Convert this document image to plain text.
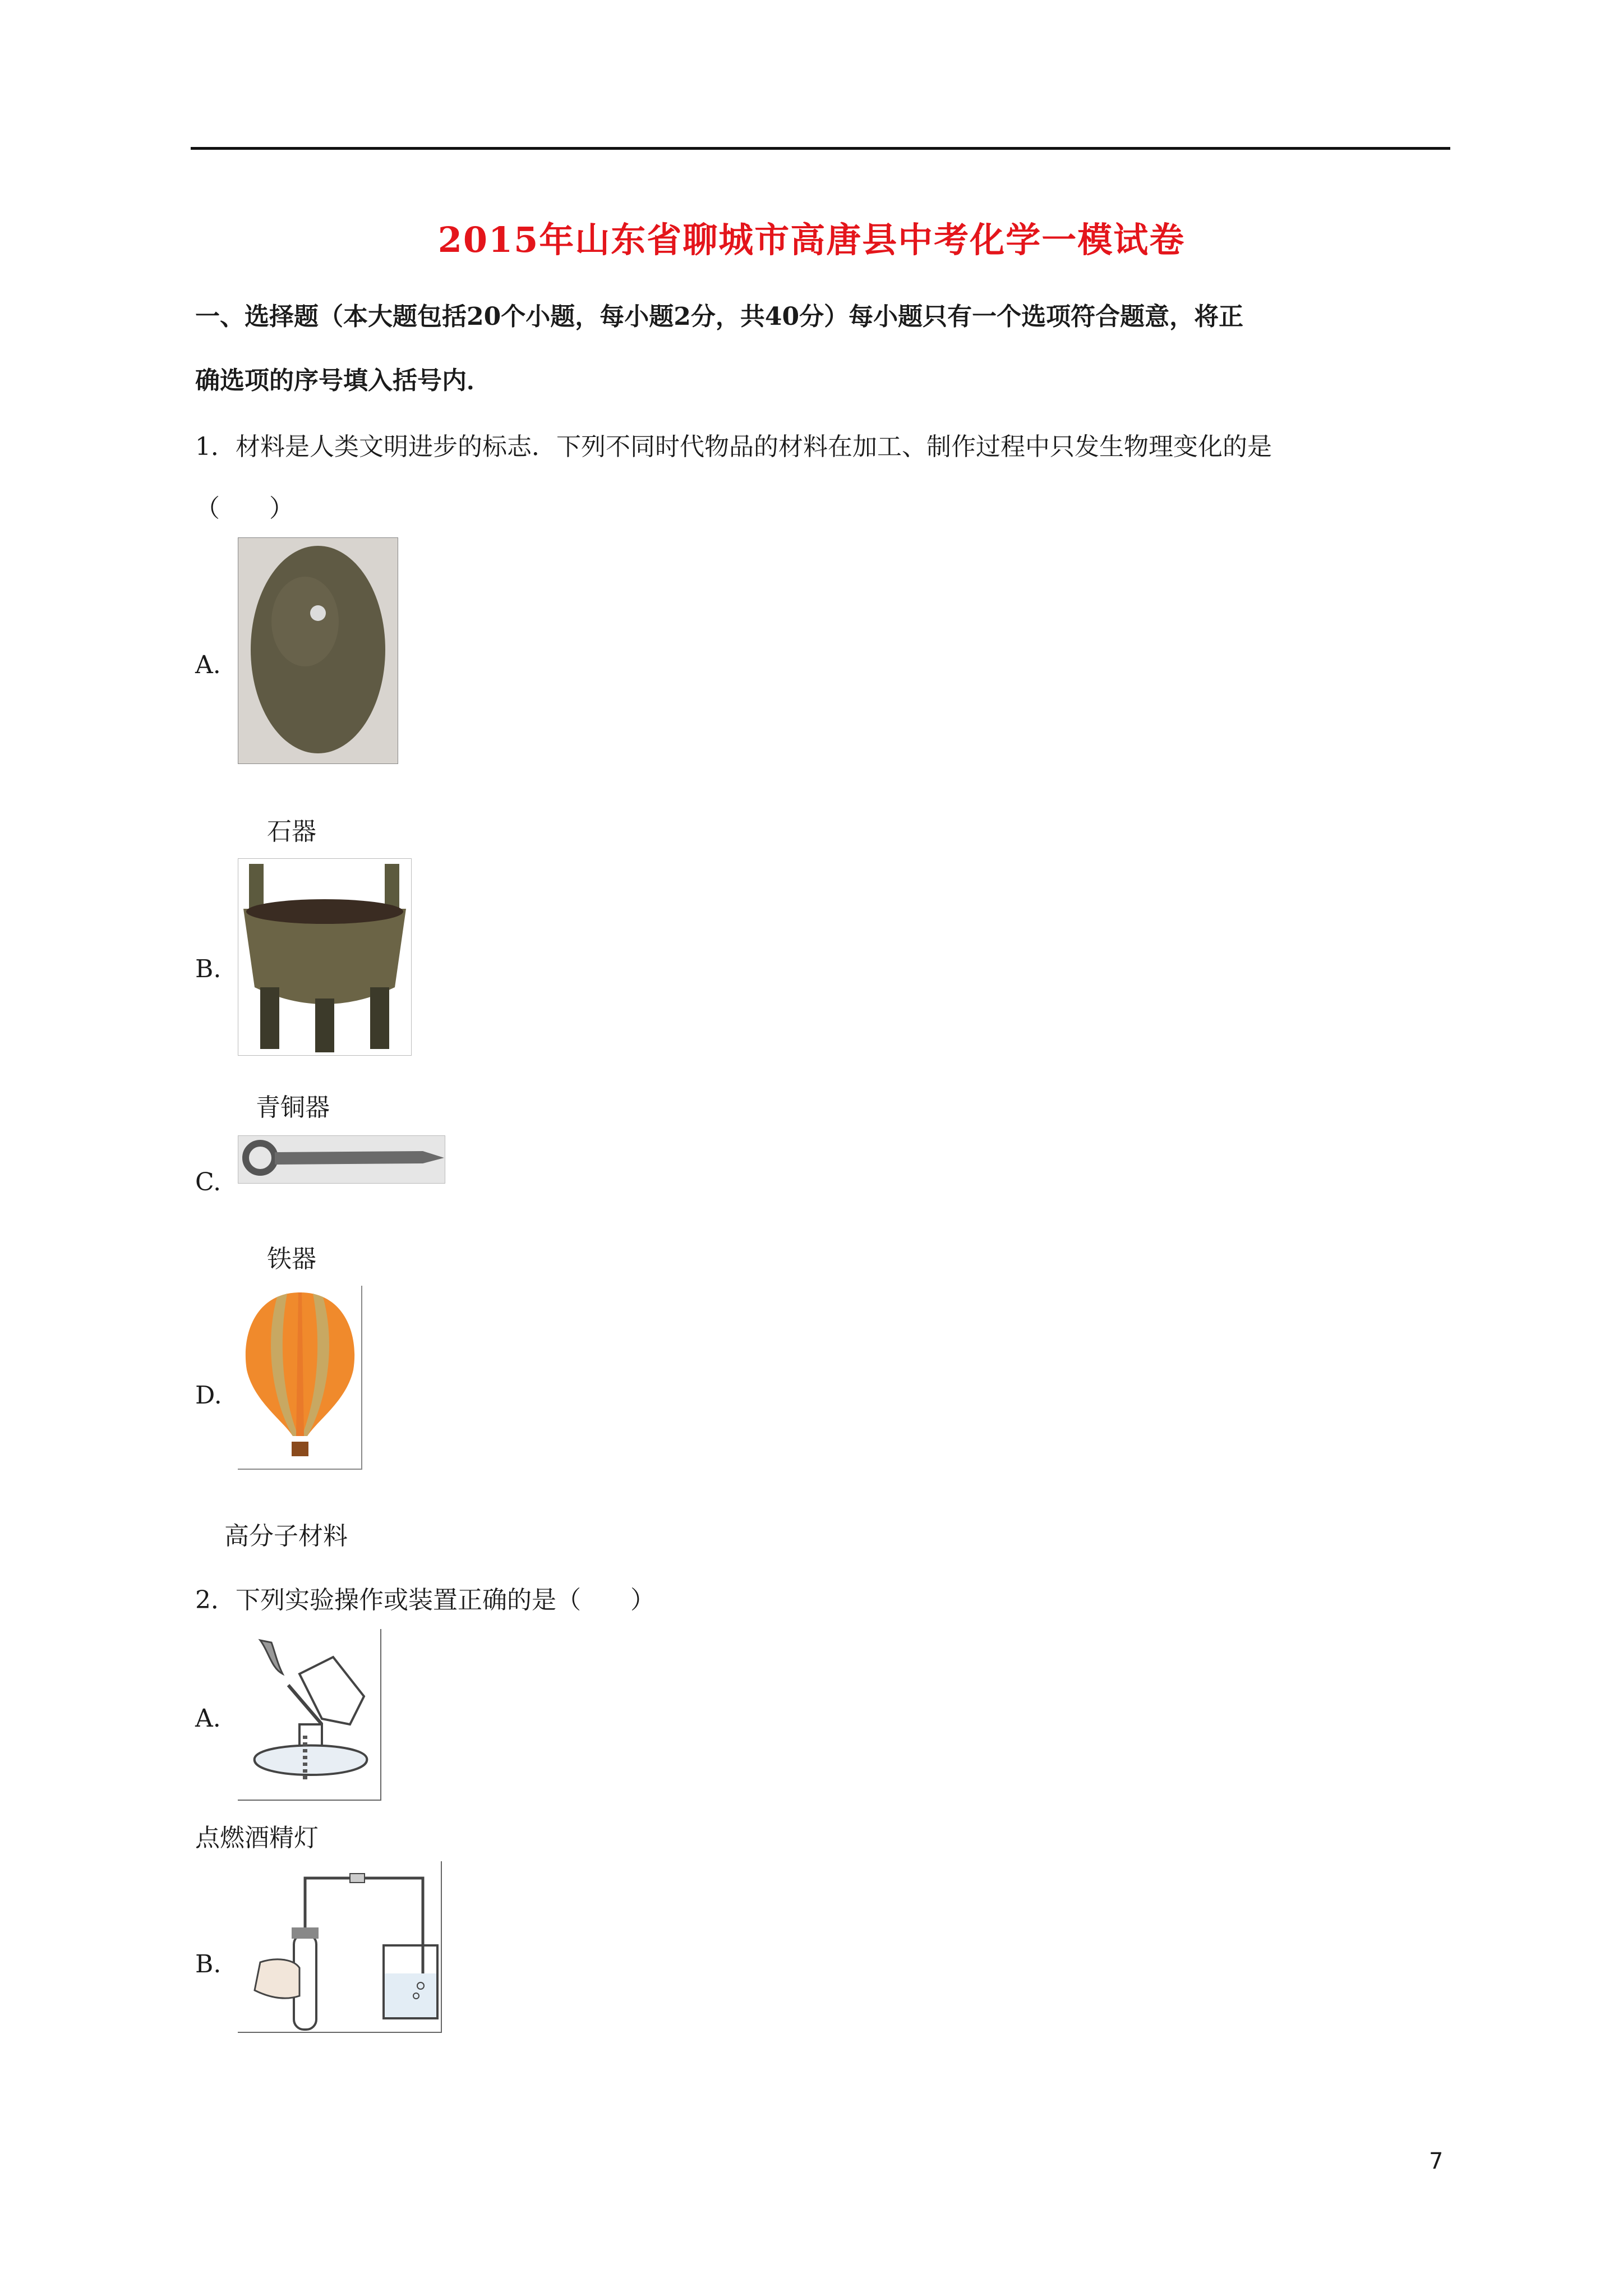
2015年山东省聊城市高唐县中考化学一模试卷
一、选择题（本大题包括20个小题，每小题2分，共40分）每小题只有一个选项符合题意，将正
确选项的序号填入括号内．
1．材料是人类文明进步的标志．下列不同时代物品的材料在加工、制作过程中只发生物理变化的是
（　　）
A.
石器
B.
青铜器
C.
铁器
D.
高分子材料
2．下列实验操作或装置正确的是（　　）
A.
点燃酒精灯
B.
7
